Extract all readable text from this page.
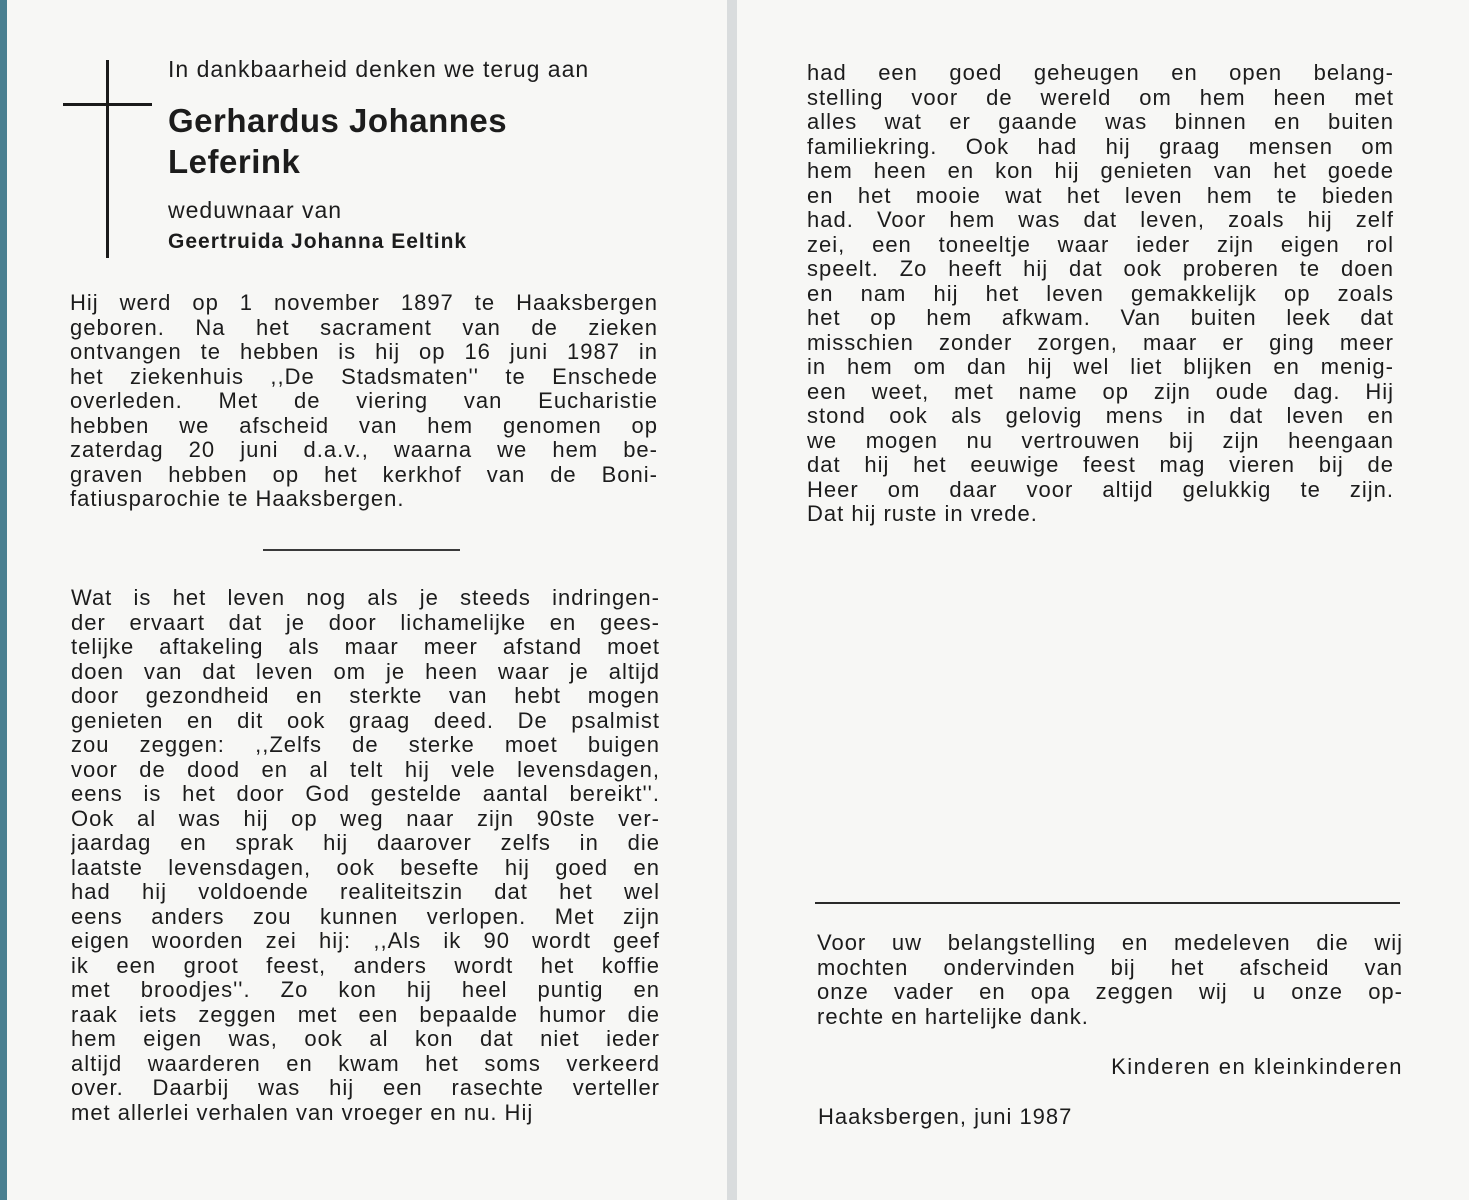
In dankbaarheid denken we terug aan

Gerhardus Johannes
Leferink

weduwnaar van

Geertruida Johanna Eeltink

Hij werd op 1 november 1897 te Haaksbergen
geboren. Na het sacrament van de zieken
ontvangen te hebben is hij op 16 juni 1987 in
het ziekenhuis ,,De Stadsmaten'' te Enschede
overleden. Met de viering van Eucharistie
hebben we afscheid van hem genomen op
zaterdag 20 juni d.a.v., waarna we hem be-
graven hebben op het kerkhof van de Boni-
fatiusparochie te Haaksbergen.
Wat is het leven nog als je steeds indringen-
der ervaart dat je door lichamelijke en gees-
telijke aftakeling als maar meer afstand moet
doen van dat leven om je heen waar je altijd
door gezondheid en sterkte van hebt mogen
genieten en dit ook graag deed. De psalmist
zou zeggen: ,,Zelfs de sterke moet buigen
voor de dood en al telt hij vele levensdagen,
eens is het door God gestelde aantal bereikt''.
Ook al was hij op weg naar zijn 90ste ver-
jaardag en sprak hij daarover zelfs in die
laatste levensdagen, ook besefte hij goed en
had hij voldoende realiteitszin dat het wel
eens anders zou kunnen verlopen. Met zijn
eigen woorden zei hij: ,,Als ik 90 wordt geef
ik een groot feest, anders wordt het koffie
met broodjes''. Zo kon hij heel puntig en
raak iets zeggen met een bepaalde humor die
hem eigen was, ook al kon dat niet ieder
altijd waarderen en kwam het soms verkeerd
over. Daarbij was hij een rasechte verteller
met allerlei verhalen van vroeger en nu. Hij
had een goed geheugen en open belang-
stelling voor de wereld om hem heen met
alles wat er gaande was binnen en buiten
familiekring. Ook had hij graag mensen om
hem heen en kon hij genieten van het goede
en het mooie wat het leven hem te bieden
had. Voor hem was dat leven, zoals hij zelf
zei, een toneeltje waar ieder zijn eigen rol
speelt. Zo heeft hij dat ook proberen te doen
en nam hij het leven gemakkelijk op zoals
het op hem afkwam. Van buiten leek dat
misschien zonder zorgen, maar er ging meer
in hem om dan hij wel liet blijken en menig-
een weet, met name op zijn oude dag. Hij
stond ook als gelovig mens in dat leven en
we mogen nu vertrouwen bij zijn heengaan
dat hij het eeuwige feest mag vieren bij de
Heer om daar voor altijd gelukkig te zijn.
Dat hij ruste in vrede.
Voor uw belangstelling en medeleven die wij
mochten ondervinden bij het afscheid van
onze vader en opa zeggen wij u onze op-
rechte en hartelijke dank.

Kinderen en kleinkinderen

Haaksbergen, juni 1987
